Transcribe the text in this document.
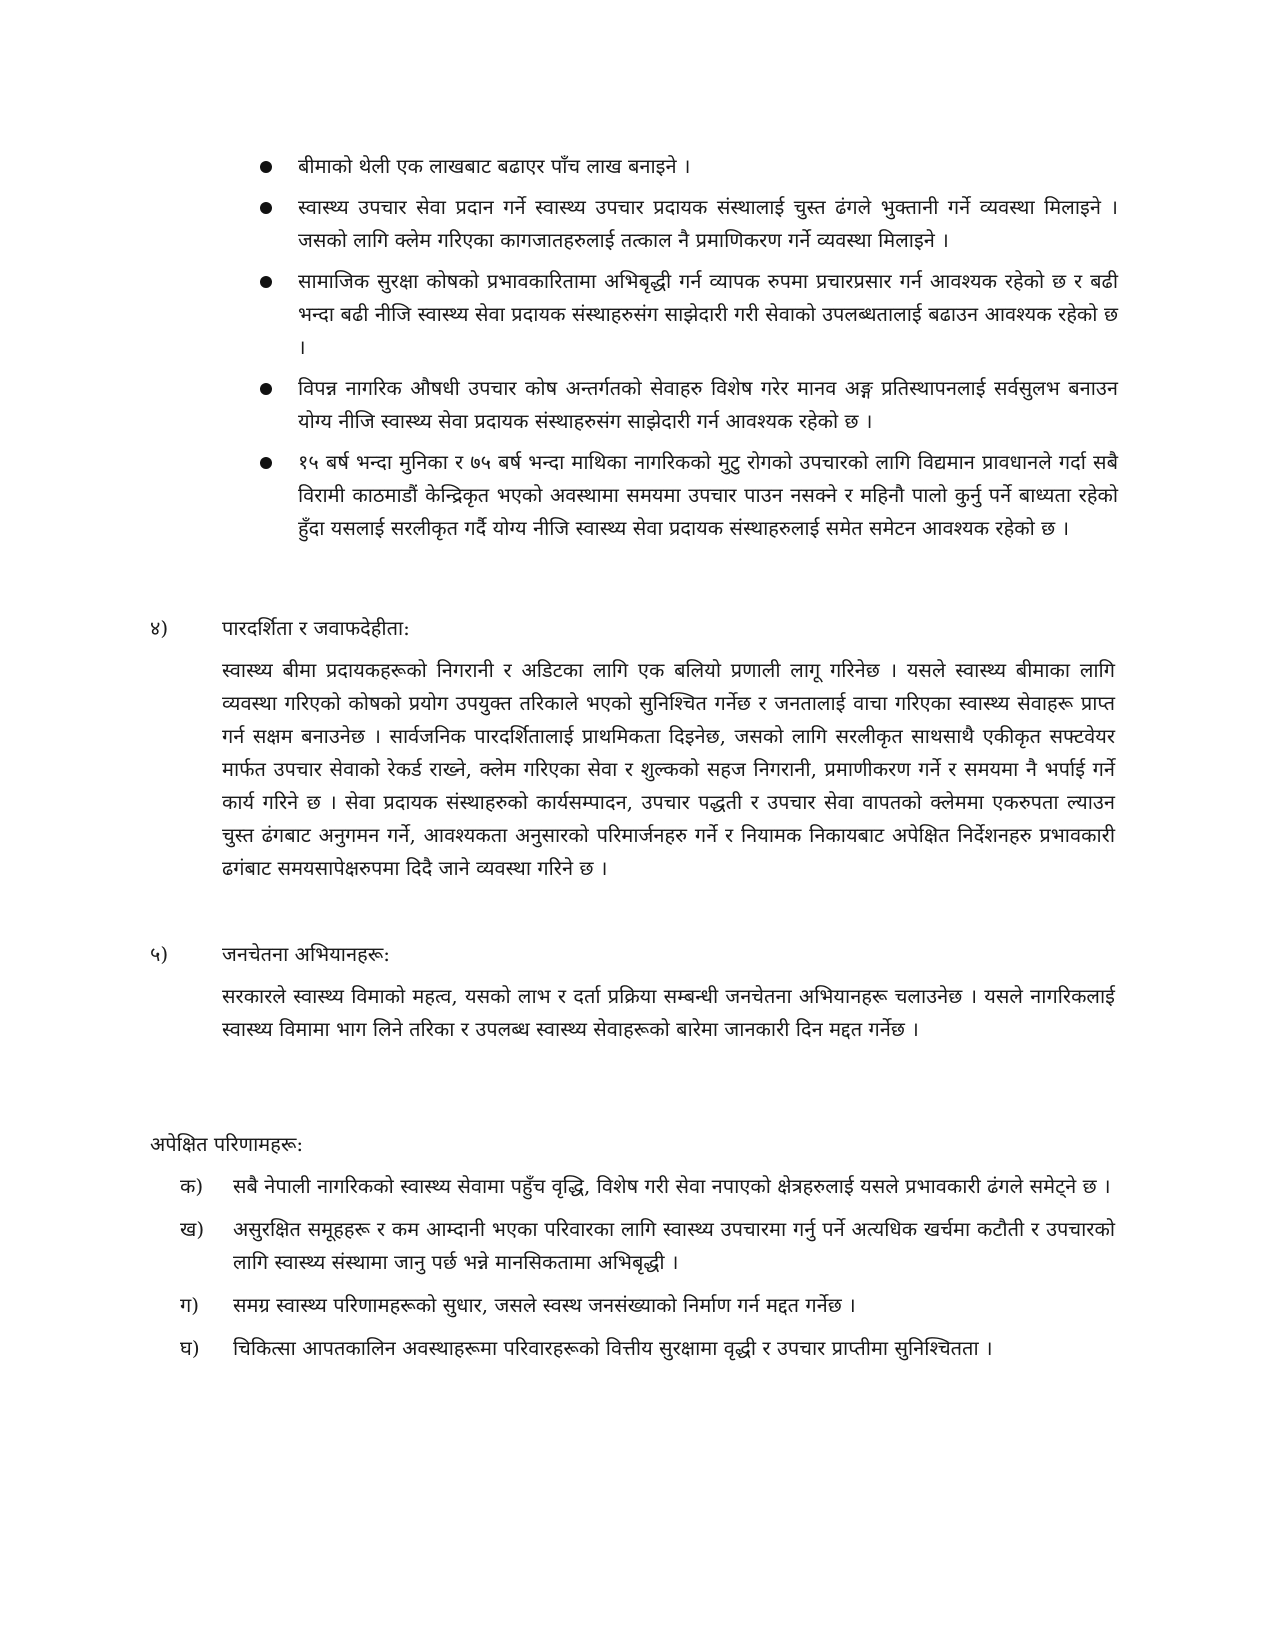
बीमाको थेली एक लाखबाट बढाएर पाँच लाख बनाइने ।
स्वास्थ्य उपचार सेवा प्रदान गर्ने स्वास्थ्य उपचार प्रदायक संस्थालाई चुस्त ढंगले भुक्तानी गर्ने व्यवस्था मिलाइने । जसको लागि क्लेम गरिएका कागजातहरुलाई तत्काल नै प्रमाणिकरण गर्ने व्यवस्था मिलाइने ।
सामाजिक सुरक्षा कोषको प्रभावकारितामा अभिबृद्धी गर्न व्यापक रुपमा प्रचारप्रसार गर्न आवश्यक रहेको छ र बढी भन्दा बढी नीजि स्वास्थ्य सेवा प्रदायक संस्थाहरुसंग साझेदारी गरी सेवाको उपलब्धतालाई बढाउन आवश्यक रहेको छ ।
विपन्न नागरिक औषधी उपचार कोष अन्तर्गतको सेवाहरु विशेष गरेर मानव अङ्ग प्रतिस्थापनलाई सर्वसुलभ बनाउन योग्य नीजि स्वास्थ्य सेवा प्रदायक संस्थाहरुसंग साझेदारी गर्न आवश्यक रहेको छ ।
१५ बर्ष भन्दा मुनिका र ७५ बर्ष भन्दा माथिका नागरिकको मुटु रोगको उपचारको लागि विद्यमान प्रावधानले गर्दा सबै विरामी काठमाडौं केन्द्रिकृत भएको अवस्थामा समयमा उपचार पाउन नसक्ने र महिनौ पालो कुर्नु पर्ने बाध्यता रहेको हुँदा यसलाई सरलीकृत गर्दै योग्य नीजि स्वास्थ्य सेवा प्रदायक संस्थाहरुलाई समेत समेटन आवश्यक रहेको छ ।
४)	पारदर्शिता र जवाफदेहीता:
स्वास्थ्य बीमा प्रदायकहरूको निगरानी र अडिटका लागि एक बलियो प्रणाली लागू गरिनेछ । यसले स्वास्थ्य बीमाका लागि व्यवस्था गरिएको कोषको प्रयोग उपयुक्त तरिकाले भएको सुनिश्चित गर्नेछ र जनतालाई वाचा गरिएका स्वास्थ्य सेवाहरू प्राप्त गर्न सक्षम बनाउनेछ । सार्वजनिक पारदर्शितालाई प्राथमिकता दिइनेछ, जसको लागि सरलीकृत साथसाथै एकीकृत सफ्टवेयर मार्फत उपचार सेवाको रेकर्ड राख्ने, क्लेम गरिएका सेवा र शुल्कको सहज निगरानी, प्रमाणीकरण गर्ने र समयमा नै भर्पाई गर्ने कार्य गरिने छ । सेवा प्रदायक संस्थाहरुको कार्यसम्पादन, उपचार पद्धती र उपचार सेवा वापतको क्लेममा एकरुपता ल्याउन चुस्त ढंगबाट अनुगमन गर्ने, आवश्यकता अनुसारको परिमार्जनहरु गर्ने र नियामक निकायबाट अपेक्षित निर्देशनहरु प्रभावकारी ढगंबाट समयसापेक्षरुपमा दिदै जाने व्यवस्था गरिने छ ।
५)	जनचेतना अभियानहरू:
सरकारले स्वास्थ्य विमाको महत्व, यसको लाभ र दर्ता प्रक्रिया सम्बन्धी जनचेतना अभियानहरू चलाउनेछ । यसले नागरिकलाई स्वास्थ्य विमामा भाग लिने तरिका र उपलब्ध स्वास्थ्य सेवाहरूको बारेमा जानकारी दिन मद्दत गर्नेछ ।
अपेक्षित परिणामहरू:
क) सबै नेपाली नागरिकको स्वास्थ्य सेवामा पहुँच वृद्धि, विशेष गरी सेवा नपाएको क्षेत्रहरुलाई यसले प्रभावकारी ढंगले समेट्ने छ ।
ख) असुरक्षित समूहहरू र कम आम्दानी भएका परिवारका लागि स्वास्थ्य उपचारमा गर्नु पर्ने अत्यधिक खर्चमा कटौती र उपचारको लागि स्वास्थ्य संस्थामा जानु पर्छ भन्ने मानसिकतामा अभिबृद्धी ।
ग) समग्र स्वास्थ्य परिणामहरूको सुधार, जसले स्वस्थ जनसंख्याको निर्माण गर्न मद्दत गर्नेछ ।
घ) चिकित्सा आपतकालिन अवस्थाहरूमा परिवारहरूको वित्तीय सुरक्षामा वृद्धी र उपचार प्राप्तीमा सुनिश्चितता ।
